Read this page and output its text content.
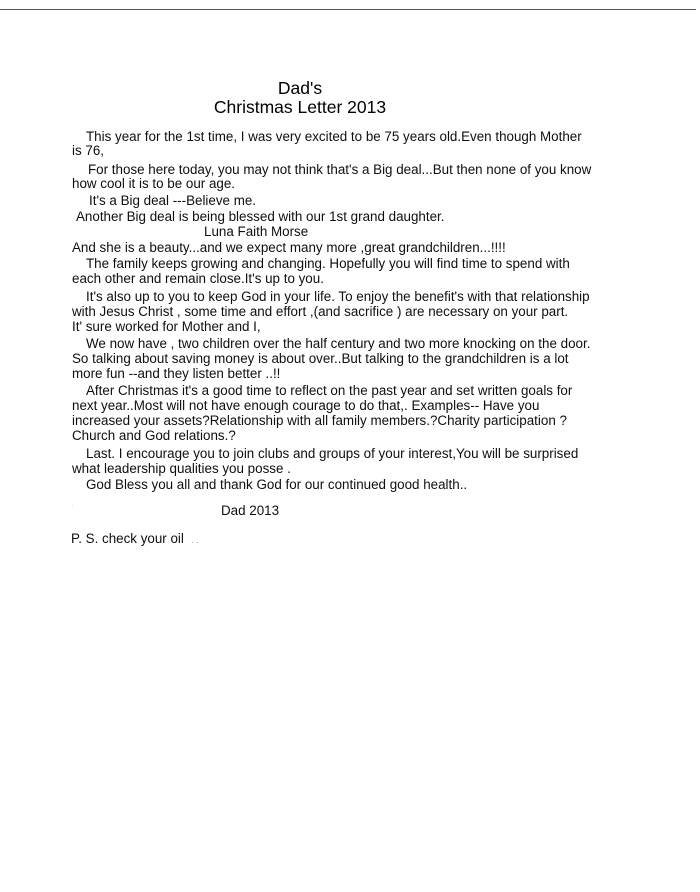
Dad's
Christmas Letter 2013
This year for the 1st time, I was very excited to be 75 years old.Even though Mother
is 76,
For those here today, you may not think that's a Big deal...But then none of you know
how cool it is to be our age.
It's a Big deal ---Believe me.
Another Big deal is being blessed with our 1st grand daughter.
Luna Faith Morse
And she is a beauty...and we expect many more ,great grandchildren...!!!!
The family keeps growing and changing. Hopefully you will find time to spend with
each other and remain close.It's up to you.
It's also up to you to keep God in your life. To enjoy the benefit's with that relationship
with Jesus Christ , some time and effort ,(and sacrifice ) are necessary on your part.
It' sure worked for Mother and I,
We now have , two children over the half century and two more knocking on the door.
So talking about saving money is about over..But talking to the grandchildren is a lot
more fun --and they listen better ..!!
After Christmas it's a good time to reflect on the past year and set written goals for
next year..Most will not have enough courage to do that,. Examples-- Have you
increased your assets?Relationship with all family members.?Charity participation ?
Church and God relations.?
Last. I encourage you to join clubs and groups of your interest,You will be surprised
what leadership qualities you posse .
God Bless you all and thank God for our continued good health..
'	Dad 2013
P. S. check your oil . .
